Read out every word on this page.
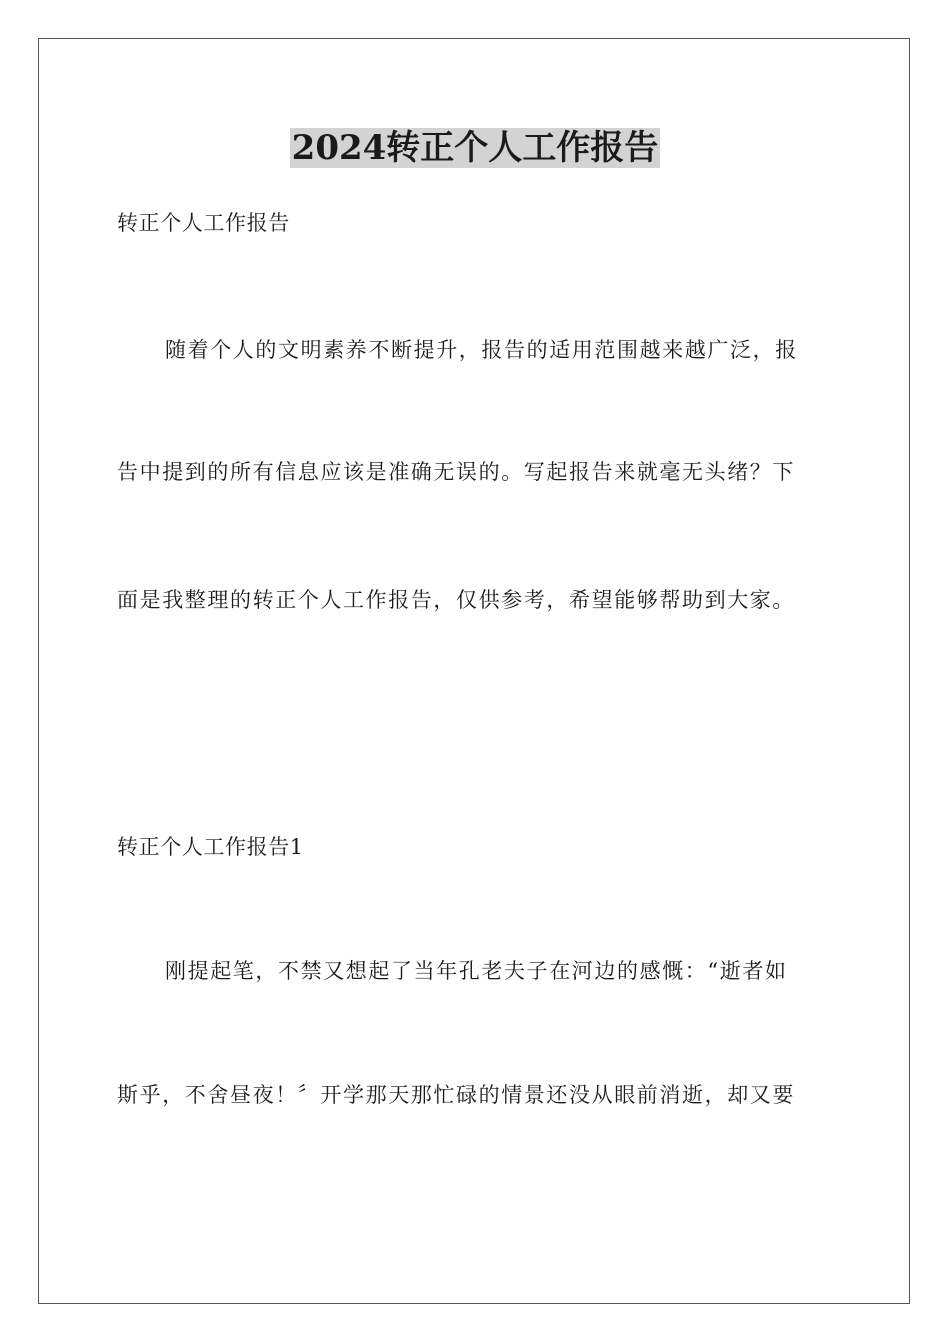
2024转正个人工作报告
转正个人工作报告
随着个人的文明素养不断提升，报告的适用范围越来越广泛，报
告中提到的所有信息应该是准确无误的。写起报告来就毫无头绪？下
面是我整理的转正个人工作报告，仅供参考，希望能够帮助到大家。
转正个人工作报告1
刚提起笔，不禁又想起了当年孔老夫子在河边的感慨：“逝者如
斯乎，不舍昼夜！〞开学那天那忙碌的情景还没从眼前消逝，却又要
